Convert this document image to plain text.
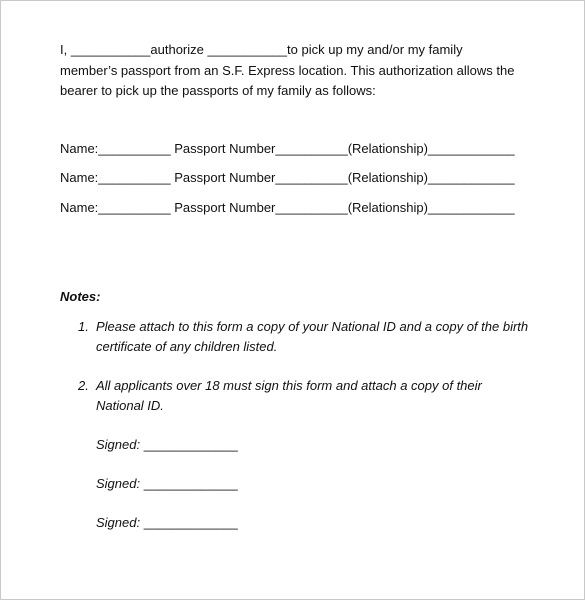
I, ___________authorize ___________to pick up my and/or my family
member’s passport from an S.F. Express location. This authorization allows the
bearer to pick up the passports of my family as follows:
Name:__________ Passport Number__________(Relationship)____________
Name:__________ Passport Number__________(Relationship)____________
Name:__________ Passport Number__________(Relationship)____________
Notes:
1. Please attach to this form a copy of your National ID and a copy of the birth
certificate of any children listed.
2. All applicants over 18 must sign this form and attach a copy of their
National ID.
Signed: _____________
Signed: _____________
Signed: _____________
